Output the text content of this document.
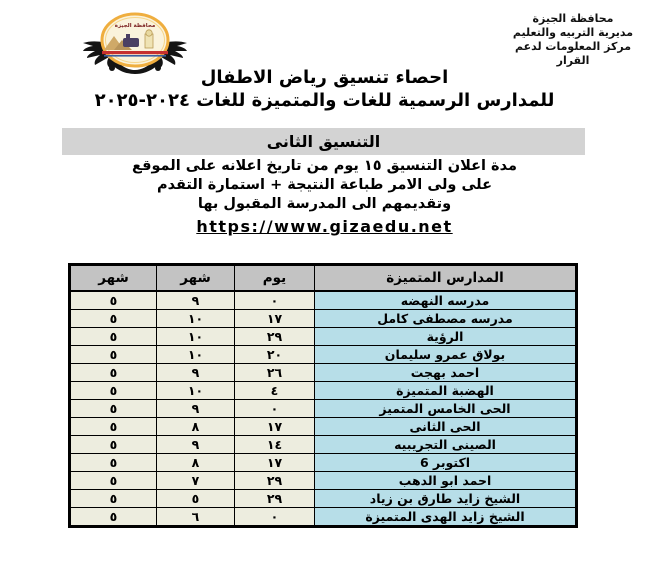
محافظة الجيزة
محافظة الجيزة
مديرية التربيه والتعليم
مركز المعلومات لدعم القرار
احصاء تنسيق رياض الاطفال
للمدارس الرسمية للغات والمتميزة للغات ٢٠٢٤-٢٠٢٥
التنسيق الثانى
مدة اعلان التنسيق ١٥ يوم من تاريخ اعلانه على الموقع
على ولى الامر طباعة النتيجة + استمارة التقدم
وتقديمهم الى المدرسة المقبول بها
https://www.gizaedu.net
المدارس المتميزة	يوم	شهر	شهر
مدرسه النهضه	٠	٩	٥
مدرسه مصطفى كامل	١٧	١٠	٥
الرؤية	٢٩	١٠	٥
بولاق عمرو سليمان	٢٠	١٠	٥
احمد بهجت	٢٦	٩	٥
الهضبة المتميزة	٤	١٠	٥
الحى الخامس المتميز	٠	٩	٥
الحى الثانى	١٧	٨	٥
الصينى التجريبيه	١٤	٩	٥
اكتوبر 6	١٧	٨	٥
احمد ابو الدهب	٢٩	٧	٥
الشيخ زايد طارق بن زياد	٢٩	٥	٥
الشيخ زايد الهدى المتميزة	٠	٦	٥
